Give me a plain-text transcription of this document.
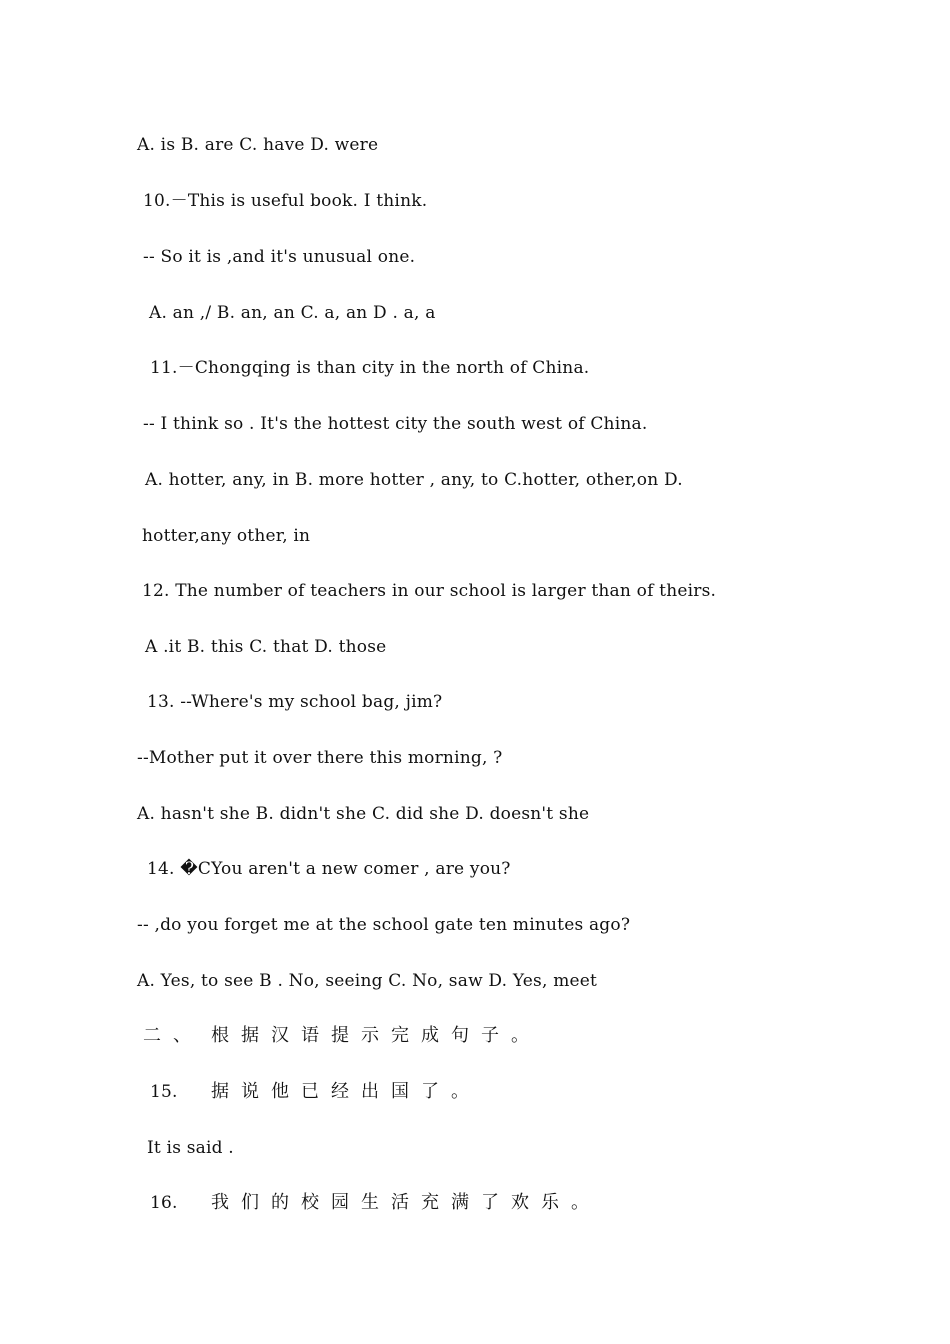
A. is B. are C. have D. were
10.－This is useful book. I think.
-- So it is ,and it's unusual one.
A. an ,/ B. an, an C. a, an D . a, a
11.－Chongqing is than city in the north of China.
-- I think so . It's the hottest city the south west of China.
A. hotter, any, in B. more hotter , any, to C.hotter, other,on D.
hotter,any other, in
12. The number of teachers in our school is larger than of theirs.
A .it B. this C. that D. those
13. --Where's my school bag, jim?
--Mother put it over there this morning, ?
A. hasn't she B. didn't she C. did she D. doesn't she
14. �CYou aren't a new comer , are you?
-- ,do you forget me at the school gate ten minutes ago?
A. Yes, to see B . No, seeing C. No, saw D. Yes, meet
二、 根据汉语提示完成句子。
15. 据说他已经出国了。
It is said .
16. 我们的校园生活充满了欢乐。
